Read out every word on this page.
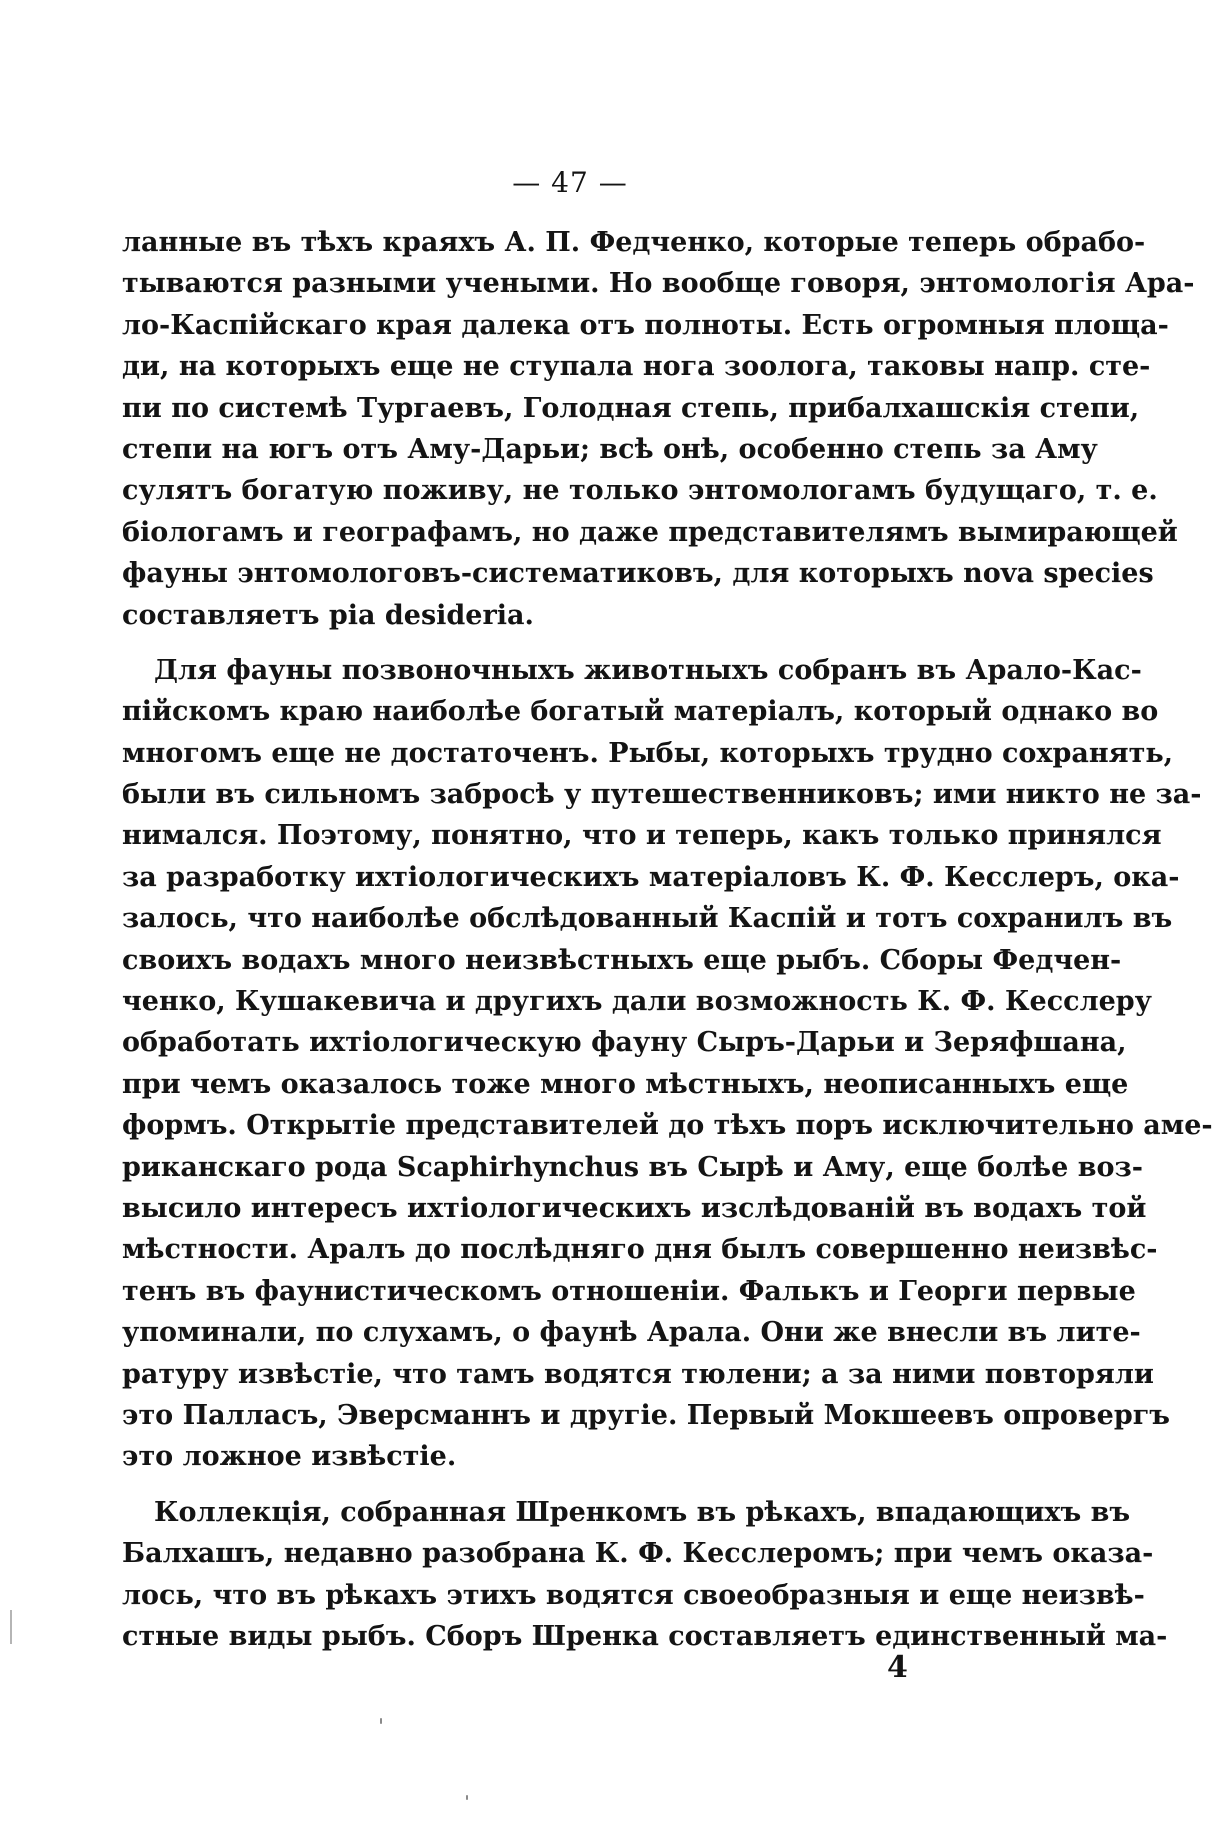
— 47 —
ланные въ тѣхъ краяхъ А. П. Федченко, которые теперь обрабо-
тываются разными учеными. Но вообще говоря, энтомологія Ара-
ло-Каспійскаго края далека отъ полноты. Есть огромныя площа-
ди, на которыхъ еще не ступала нога зоолога, таковы напр. сте-
пи по системѣ Тургаевъ, Голодная степь, прибалхашскія степи,
степи на югъ отъ Аму-Дарьи; всѣ онѣ, особенно степь за Аму
сулятъ богатую поживу, не только энтомологамъ будущаго, т. е.
біологамъ и географамъ, но даже представителямъ вымирающей
фауны энтомологовъ-систематиковъ, для которыхъ nova species
составляетъ pia desideria.
Для фауны позвоночныхъ животныхъ собранъ въ Арало-Кас-
пійскомъ краю наиболѣе богатый матеріалъ, который однако во
многомъ еще не достаточенъ. Рыбы, которыхъ трудно сохранять,
были въ сильномъ забросѣ у путешественниковъ; ими никто не за-
нимался. Поэтому, понятно, что и теперь, какъ только принялся
за разработку ихтіологическихъ матеріаловъ К. Ф. Кесслеръ, ока-
залось, что наиболѣе обслѣдованный Каспій и тотъ сохранилъ въ
своихъ водахъ много неизвѣстныхъ еще рыбъ. Сборы Федчен-
ченко, Кушакевича и другихъ дали возможность К. Ф. Кесслеру
обработать ихтіологическую фауну Сыръ-Дарьи и Зеряфшана,
при чемъ оказалось тоже много мѣстныхъ, неописанныхъ еще
формъ. Открытіе представителей до тѣхъ поръ исключительно аме-
риканскаго рода Scaphirhynchus въ Сырѣ и Аму, еще болѣе воз-
высило интересъ ихтіологическихъ изслѣдованій въ водахъ той
мѣстности. Аралъ до послѣдняго дня былъ совершенно неизвѣс-
тенъ въ фаунистическомъ отношеніи. Фалькъ и Георги первые
упоминали, по слухамъ, о фаунѣ Арала. Они же внесли въ лите-
ратуру извѣстіе, что тамъ водятся тюлени; а за ними повторяли
это Палласъ, Эверсманнъ и другіе. Первый Мокшеевъ опровергъ
это ложное извѣстіе.
Коллекція, собранная Шренкомъ въ рѣкахъ, впадающихъ въ
Балхашъ, недавно разобрана К. Ф. Кесслеромъ; при чемъ оказа-
лось, что въ рѣкахъ этихъ водятся своеобразныя и еще неизвѣ-
стные виды рыбъ. Сборъ Шренка составляетъ единственный ма-
4
